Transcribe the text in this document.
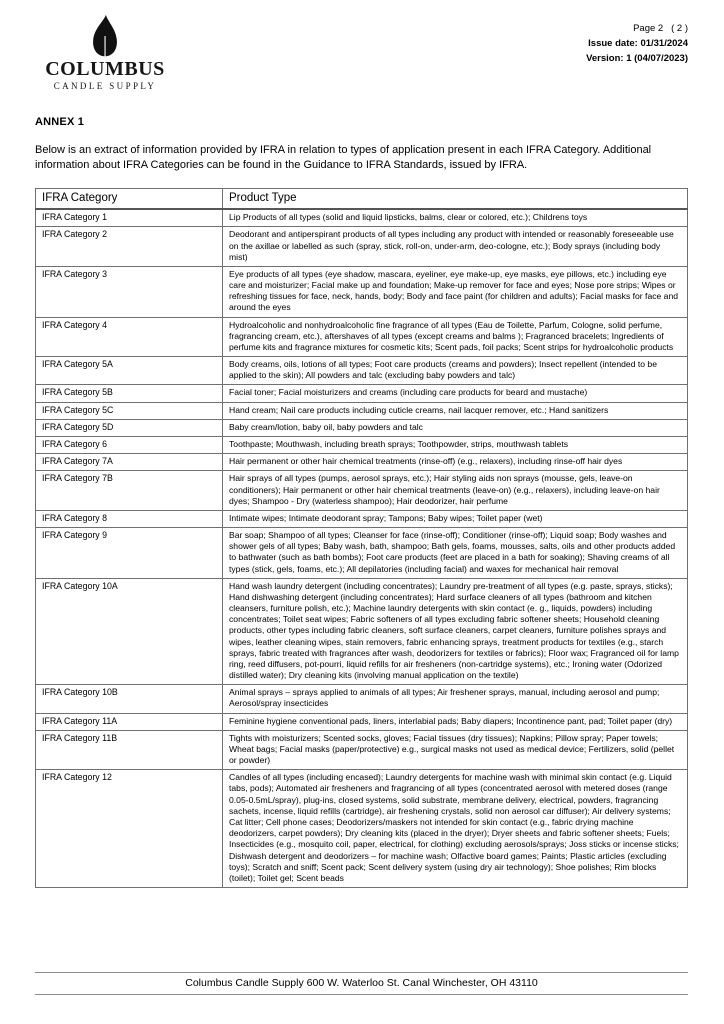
COLUMBUS
CANDLE SUPPLY
Page 2   ( 2 )
Issue date: 01/31/2024
Version: 1 (04/07/2023)
ANNEX 1
Below is an extract of information provided by IFRA in relation to types of application present in each IFRA Category. Additional information about IFRA Categories can be found in the Guidance to IFRA Standards, issued by IFRA.
IFRA Category	Product Type
IFRA Category 1	Lip Products of all types (solid and liquid lipsticks, balms, clear or colored, etc.); Childrens toys
IFRA Category 2	Deodorant and antiperspirant products of all types including any product with intended or reasonably foreseeable use on the axillae or labelled as such (spray, stick, roll-on, under-arm, deo-cologne, etc.); Body sprays (including body mist)
IFRA Category 3	Eye products of all types (eye shadow, mascara, eyeliner, eye make-up, eye masks, eye pillows, etc.) including eye care and moisturizer; Facial make up and foundation; Make-up remover for face and eyes; Nose pore strips; Wipes or refreshing tissues for face, neck, hands, body; Body and face paint (for children and adults); Facial masks for face and around the eyes
IFRA Category 4	Hydroalcoholic and nonhydroalcoholic fine fragrance of all types (Eau de Toilette, Parfum, Cologne, solid perfume, fragrancing cream, etc.), aftershaves of all types (except creams and balms ); Fragranced bracelets; Ingredients of perfume kits and fragrance mixtures for cosmetic kits; Scent pads, foil packs; Scent strips for hydroalcoholic products
IFRA Category 5A	Body creams, oils, lotions of all types; Foot care products (creams and powders); Insect repellent (intended to be applied to the skin); All powders and talc (excluding baby powders and talc)
IFRA Category 5B	Facial toner; Facial moisturizers and creams (including care products for beard and mustache)
IFRA Category 5C	Hand cream; Nail care products including cuticle creams, nail lacquer remover, etc.; Hand sanitizers
IFRA Category 5D	Baby cream/lotion, baby oil, baby powders and talc
IFRA Category 6	Toothpaste; Mouthwash, including breath sprays; Toothpowder, strips, mouthwash tablets
IFRA Category 7A	Hair permanent or other hair chemical treatments (rinse-off) (e.g., relaxers), including rinse-off hair dyes
IFRA Category 7B	Hair sprays of all types (pumps, aerosol sprays, etc.); Hair styling aids non sprays (mousse, gels, leave-on conditioners); Hair permanent or other hair chemical treatments (leave-on) (e.g., relaxers), including leave-on hair dyes; Shampoo - Dry (waterless shampoo); Hair deodorizer, hair perfume
IFRA Category 8	Intimate wipes; Intimate deodorant spray; Tampons; Baby wipes; Toilet paper (wet)
IFRA Category 9	Bar soap; Shampoo of all types; Cleanser for face (rinse-off); Conditioner (rinse-off); Liquid soap; Body washes and shower gels of all types; Baby wash, bath, shampoo; Bath gels, foams, mousses, salts, oils and other products added to bathwater (such as bath bombs); Foot care products (feet are placed in a bath for soaking); Shaving creams of all types (stick, gels, foams, etc.); All depilatories (including facial) and waxes for mechanical hair removal
IFRA Category 10A	Hand wash laundry detergent (including concentrates); Laundry pre-treatment of all types (e.g. paste, sprays, sticks); Hand dishwashing detergent (including concentrates); Hard surface cleaners of all types (bathroom and kitchen cleansers, furniture polish, etc.); Machine laundry detergents with skin contact (e. g., liquids, powders) including concentrates; Toilet seat wipes; Fabric softeners of all types excluding fabric softener sheets; Household cleaning products, other types including fabric cleaners, soft surface cleaners, carpet cleaners, furniture polishes sprays and wipes, leather cleaning wipes, stain removers, fabric enhancing sprays, treatment products for textiles (e.g., starch sprays, fabric treated with fragrances after wash, deodorizers for textiles or fabrics); Floor wax; Fragranced oil for lamp ring, reed diffusers, pot-pourri, liquid refills for air fresheners (non-cartridge systems), etc.; Ironing water (Odorized distilled water); Dry cleaning kits (involving manual application on the textile)
IFRA Category 10B	Animal sprays – sprays applied to animals of all types; Air freshener sprays, manual, including aerosol and pump; Aerosol/spray insecticides
IFRA Category 11A	Feminine hygiene conventional pads, liners, interlabial pads; Baby diapers; Incontinence pant, pad; Toilet paper (dry)
IFRA Category 11B	Tights with moisturizers; Scented socks, gloves; Facial tissues (dry tissues); Napkins; Pillow spray; Paper towels; Wheat bags; Facial masks (paper/protective) e.g., surgical masks not used as medical device; Fertilizers, solid (pellet or powder)
IFRA Category 12	Candles of all types (including encased); Laundry detergents for machine wash with minimal skin contact (e.g. Liquid tabs, pods); Automated air fresheners and fragrancing of all types (concentrated aerosol with metered doses (range 0.05-0.5mL/spray), plug-ins, closed systems, solid substrate, membrane delivery, electrical, powders, fragrancing sachets, incense, liquid refills (cartridge), air freshening crystals, solid non aerosol car diffuser); Air delivery systems; Cat litter; Cell phone cases; Deodorizers/maskers not intended for skin contact (e.g., fabric drying machine deodorizers, carpet powders); Dry cleaning kits (placed in the dryer); Dryer sheets and fabric softener sheets; Fuels; Insecticides (e.g., mosquito coil, paper, electrical, for clothing) excluding aerosols/sprays; Joss sticks or incense sticks; Dishwash detergent and deodorizers – for machine wash; Olfactive board games; Paints; Plastic articles (excluding toys); Scratch and sniff; Scent pack; Scent delivery system (using dry air technology); Shoe polishes; Rim blocks (toilet); Toilet gel; Scent beads
Columbus Candle Supply 600 W. Waterloo St. Canal Winchester, OH 43110
